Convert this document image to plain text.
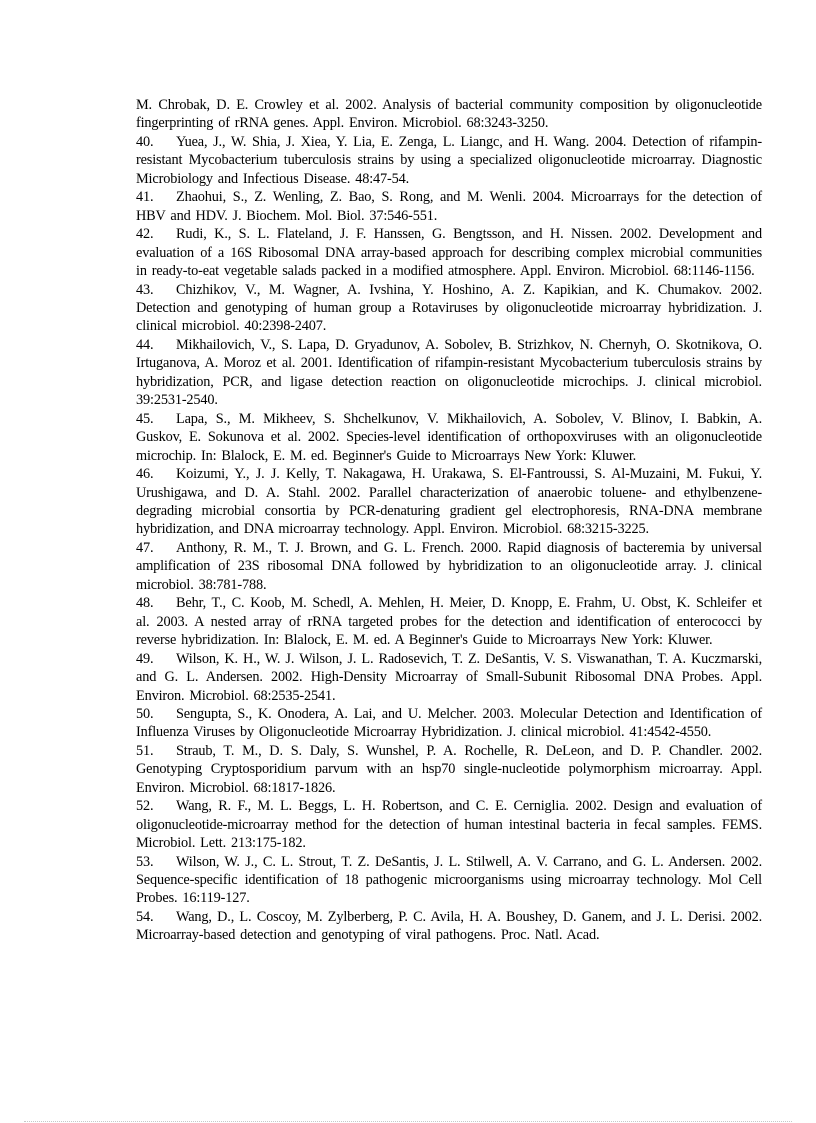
M. Chrobak, D. E. Crowley et al. 2002. Analysis of bacterial community composition by oligonucleotide fingerprinting of rRNA genes. Appl. Environ. Microbiol. 68:3243-3250.

40. Yuea, J., W. Shia, J. Xiea, Y. Lia, E. Zenga, L. Liangc, and H. Wang. 2004. Detection of rifampin-resistant Mycobacterium tuberculosis strains by using a specialized oligonucleotide microarray. Diagnostic Microbiology and Infectious Disease. 48:47-54.

41. Zhaohui, S., Z. Wenling, Z. Bao, S. Rong, and M. Wenli. 2004. Microarrays for the detection of HBV and HDV. J. Biochem. Mol. Biol. 37:546-551.

42. Rudi, K., S. L. Flateland, J. F. Hanssen, G. Bengtsson, and H. Nissen. 2002. Development and evaluation of a 16S Ribosomal DNA array-based approach for describing complex microbial communities in ready-to-eat vegetable salads packed in a modified atmosphere. Appl. Environ. Microbiol. 68:1146-1156.

43. Chizhikov, V., M. Wagner, A. Ivshina, Y. Hoshino, A. Z. Kapikian, and K. Chumakov. 2002. Detection and genotyping of human group a Rotaviruses by oligonucleotide microarray hybridization. J. clinical microbiol. 40:2398-2407.

44. Mikhailovich, V., S. Lapa, D. Gryadunov, A. Sobolev, B. Strizhkov, N. Chernyh, O. Skotnikova, O. Irtuganova, A. Moroz et al. 2001. Identification of rifampin-resistant Mycobacterium tuberculosis strains by hybridization, PCR, and ligase detection reaction on oligonucleotide microchips. J. clinical microbiol. 39:2531-2540.

45. Lapa, S., M. Mikheev, S. Shchelkunov, V. Mikhailovich, A. Sobolev, V. Blinov, I. Babkin, A. Guskov, E. Sokunova et al. 2002. Species-level identification of orthopoxviruses with an oligonucleotide microchip. In: Blalock, E. M. ed. Beginner's Guide to Microarrays New York: Kluwer.

46. Koizumi, Y., J. J. Kelly, T. Nakagawa, H. Urakawa, S. El-Fantroussi, S. Al-Muzaini, M. Fukui, Y. Urushigawa, and D. A. Stahl. 2002. Parallel characterization of anaerobic toluene- and ethylbenzene-degrading microbial consortia by PCR-denaturing gradient gel electrophoresis, RNA-DNA membrane hybridization, and DNA microarray technology. Appl. Environ. Microbiol. 68:3215-3225.

47. Anthony, R. M., T. J. Brown, and G. L. French. 2000. Rapid diagnosis of bacteremia by universal amplification of 23S ribosomal DNA followed by hybridization to an oligonucleotide array. J. clinical microbiol. 38:781-788.

48. Behr, T., C. Koob, M. Schedl, A. Mehlen, H. Meier, D. Knopp, E. Frahm, U. Obst, K. Schleifer et al. 2003. A nested array of rRNA targeted probes for the detection and identification of enterococci by reverse hybridization. In: Blalock, E. M. ed. A Beginner's Guide to Microarrays New York: Kluwer.

49. Wilson, K. H., W. J. Wilson, J. L. Radosevich, T. Z. DeSantis, V. S. Viswanathan, T. A. Kuczmarski, and G. L. Andersen. 2002. High-Density Microarray of Small-Subunit Ribosomal DNA Probes. Appl. Environ. Microbiol. 68:2535-2541.

50. Sengupta, S., K. Onodera, A. Lai, and U. Melcher. 2003. Molecular Detection and Identification of Influenza Viruses by Oligonucleotide Microarray Hybridization. J. clinical microbiol. 41:4542-4550.

51. Straub, T. M., D. S. Daly, S. Wunshel, P. A. Rochelle, R. DeLeon, and D. P. Chandler. 2002. Genotyping Cryptosporidium parvum with an hsp70 single-nucleotide polymorphism microarray. Appl. Environ. Microbiol. 68:1817-1826.

52. Wang, R. F., M. L. Beggs, L. H. Robertson, and C. E. Cerniglia. 2002. Design and evaluation of oligonucleotide-microarray method for the detection of human intestinal bacteria in fecal samples. FEMS. Microbiol. Lett. 213:175-182.

53. Wilson, W. J., C. L. Strout, T. Z. DeSantis, J. L. Stilwell, A. V. Carrano, and G. L. Andersen. 2002. Sequence-specific identification of 18 pathogenic microorganisms using microarray technology. Mol Cell Probes. 16:119-127.

54. Wang, D., L. Coscoy, M. Zylberberg, P. C. Avila, H. A. Boushey, D. Ganem, and J. L. Derisi. 2002. Microarray-based detection and genotyping of viral pathogens. Proc. Natl. Acad.
